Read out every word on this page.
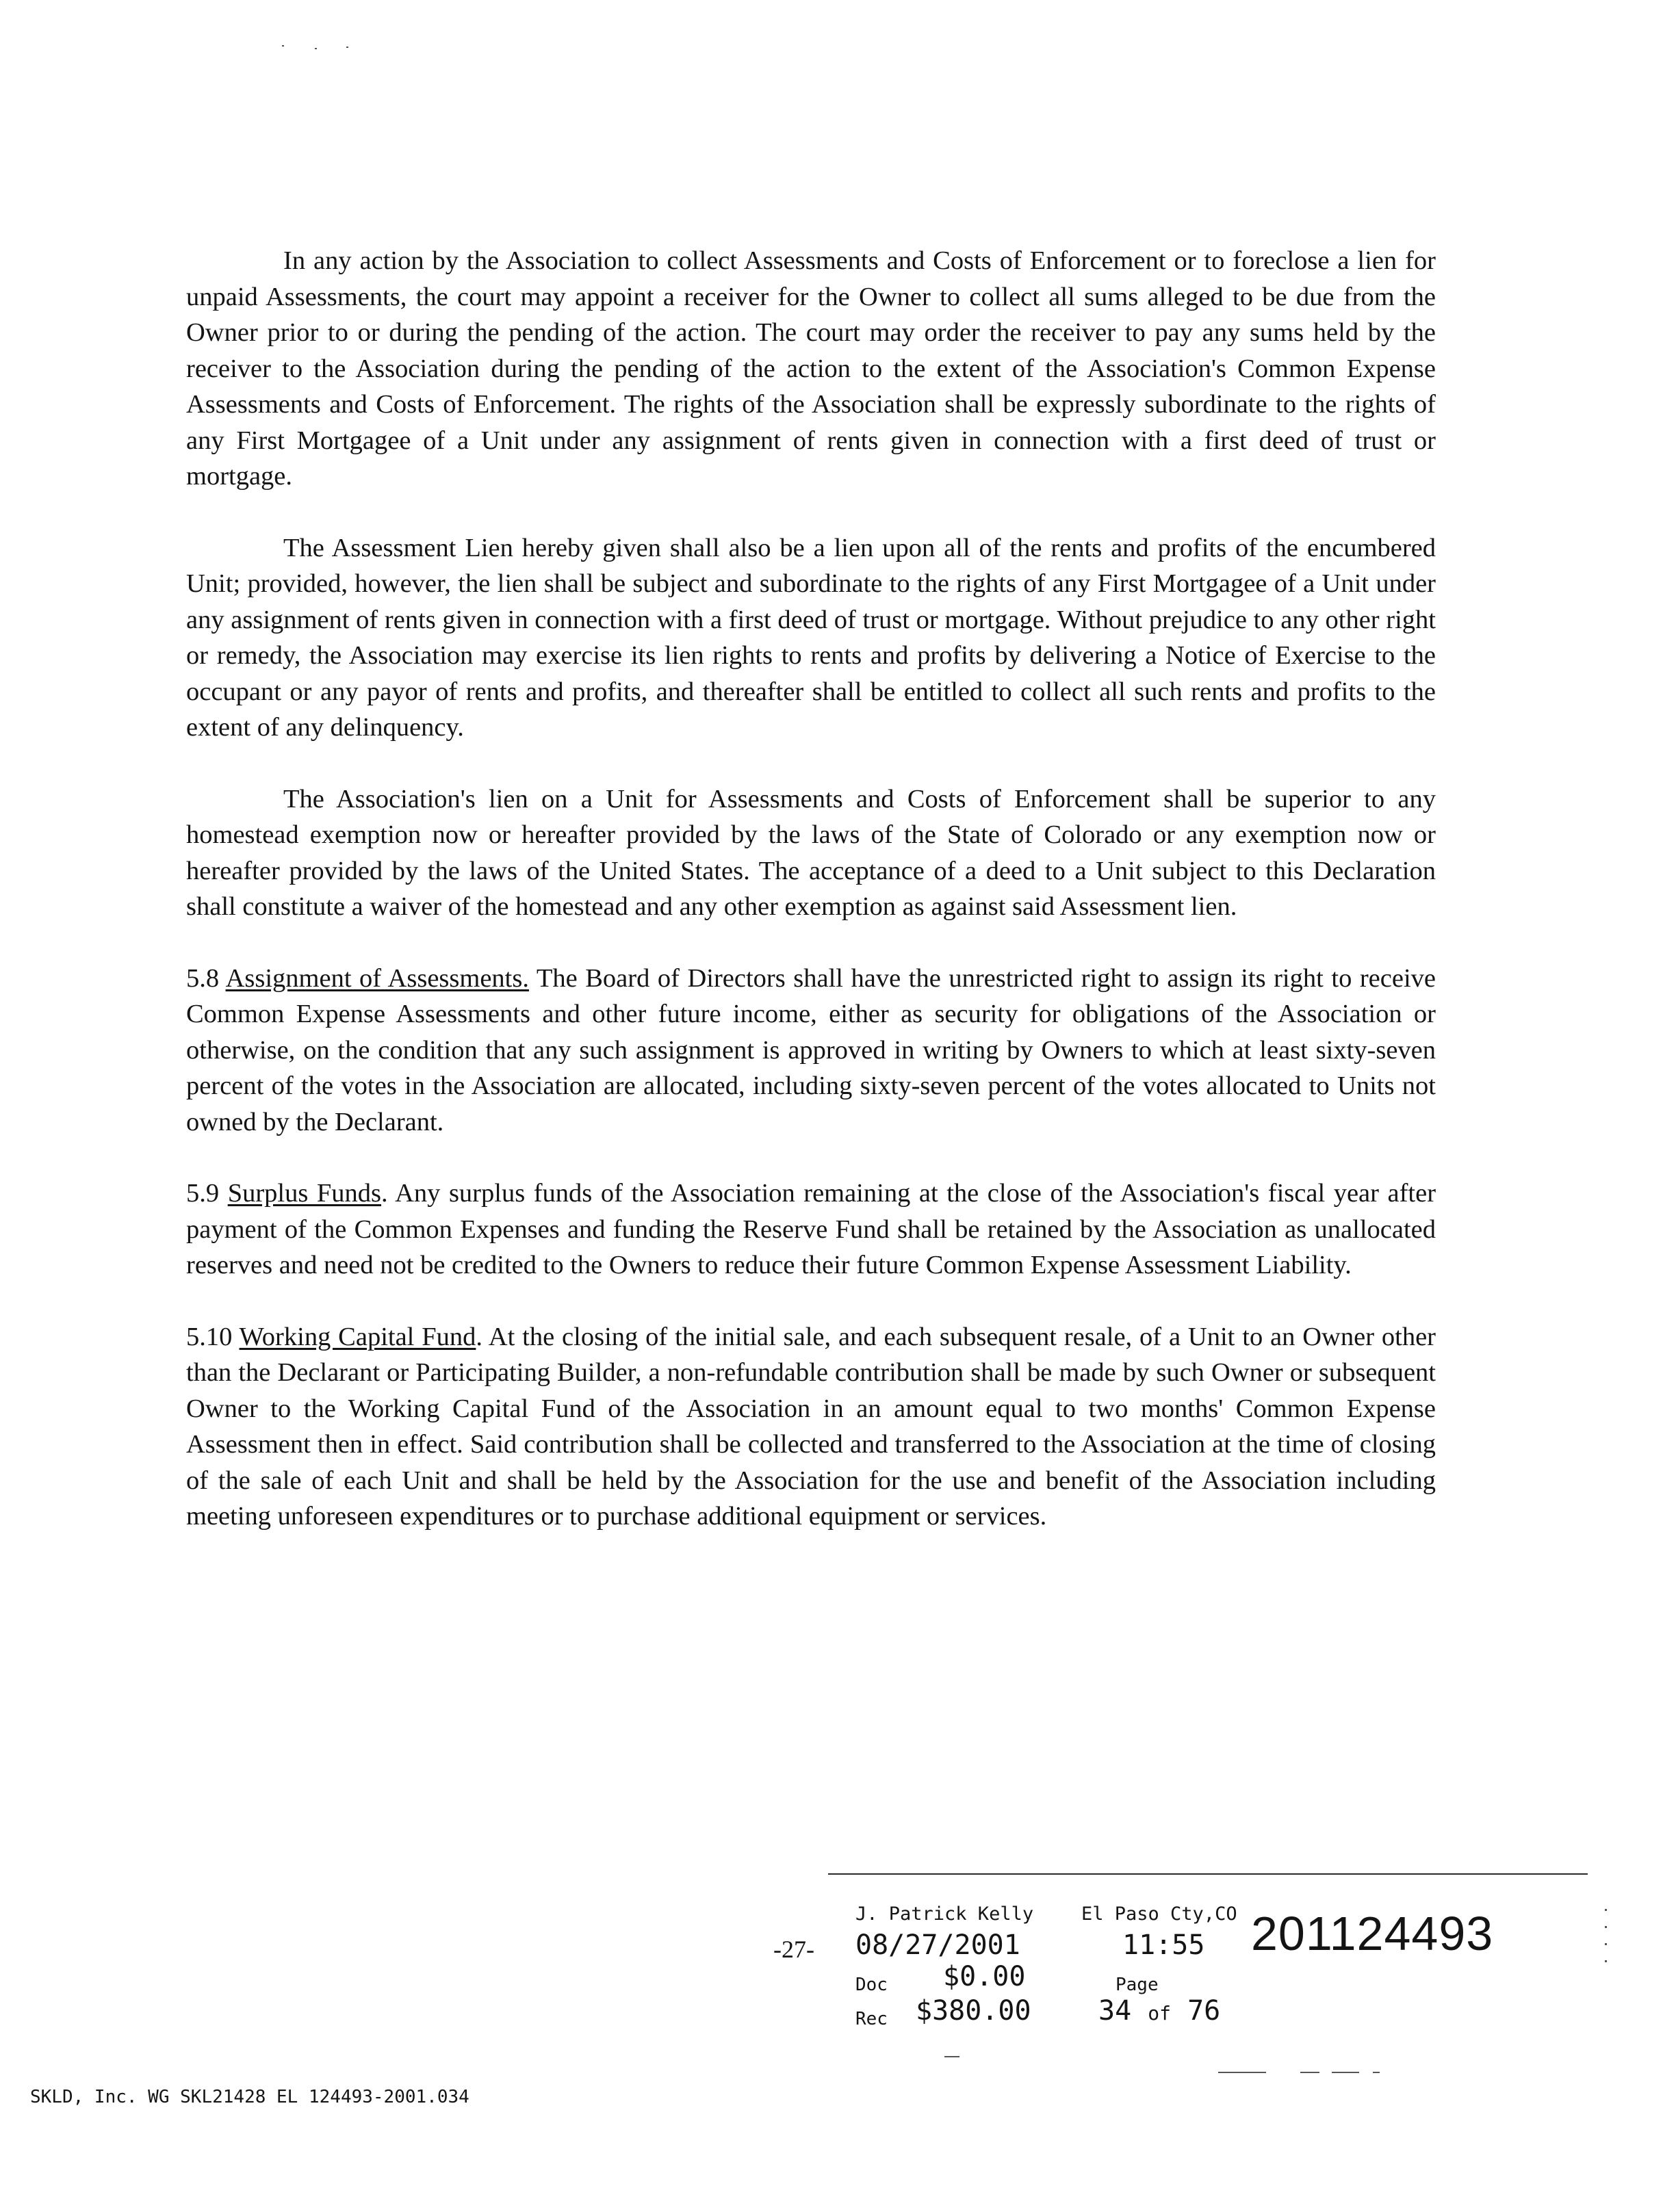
In any action by the Association to collect Assessments and Costs of Enforcement or to foreclose a lien for unpaid Assessments, the court may appoint a receiver for the Owner to collect all sums alleged to be due from the Owner prior to or during the pending of the action. The court may order the receiver to pay any sums held by the receiver to the Association during the pending of the action to the extent of the Association's Common Expense Assessments and Costs of Enforcement. The rights of the Association shall be expressly subordinate to the rights of any First Mortgagee of a Unit under any assignment of rents given in connection with a first deed of trust or mortgage.

The Assessment Lien hereby given shall also be a lien upon all of the rents and profits of the encumbered Unit; provided, however, the lien shall be subject and subordinate to the rights of any First Mortgagee of a Unit under any assignment of rents given in connection with a first deed of trust or mortgage. Without prejudice to any other right or remedy, the Association may exercise its lien rights to rents and profits by delivering a Notice of Exercise to the occupant or any payor of rents and profits, and thereafter shall be entitled to collect all such rents and profits to the extent of any delinquency.

The Association's lien on a Unit for Assessments and Costs of Enforcement shall be superior to any homestead exemption now or hereafter provided by the laws of the State of Colorado or any exemption now or hereafter provided by the laws of the United States. The acceptance of a deed to a Unit subject to this Declaration shall constitute a waiver of the homestead and any other exemption as against said Assessment lien.

5.8 Assignment of Assessments. The Board of Directors shall have the unrestricted right to assign its right to receive Common Expense Assessments and other future income, either as security for obligations of the Association or otherwise, on the condition that any such assignment is approved in writing by Owners to which at least sixty-seven percent of the votes in the Association are allocated, including sixty-seven percent of the votes allocated to Units not owned by the Declarant.

5.9 Surplus Funds. Any surplus funds of the Association remaining at the close of the Association's fiscal year after payment of the Common Expenses and funding the Reserve Fund shall be retained by the Association as unallocated reserves and need not be credited to the Owners to reduce their future Common Expense Assessment Liability.

5.10 Working Capital Fund. At the closing of the initial sale, and each subsequent resale, of a Unit to an Owner other than the Declarant or Participating Builder, a non-refundable contribution shall be made by such Owner or subsequent Owner to the Working Capital Fund of the Association in an amount equal to two months' Common Expense Assessment then in effect. Said contribution shall be collected and transferred to the Association at the time of closing of the sale of each Unit and shall be held by the Association for the use and benefit of the Association including meeting unforeseen expenditures or to purchase additional equipment or services.

-27-
J. Patrick Kelly	El Paso Cty,CO 201124493
08/27/2001	11:55
Doc $0.00	Page
Rec $380.00 34 of 76
SKLD, Inc. WG SKL21428 EL 124493-2001.034
